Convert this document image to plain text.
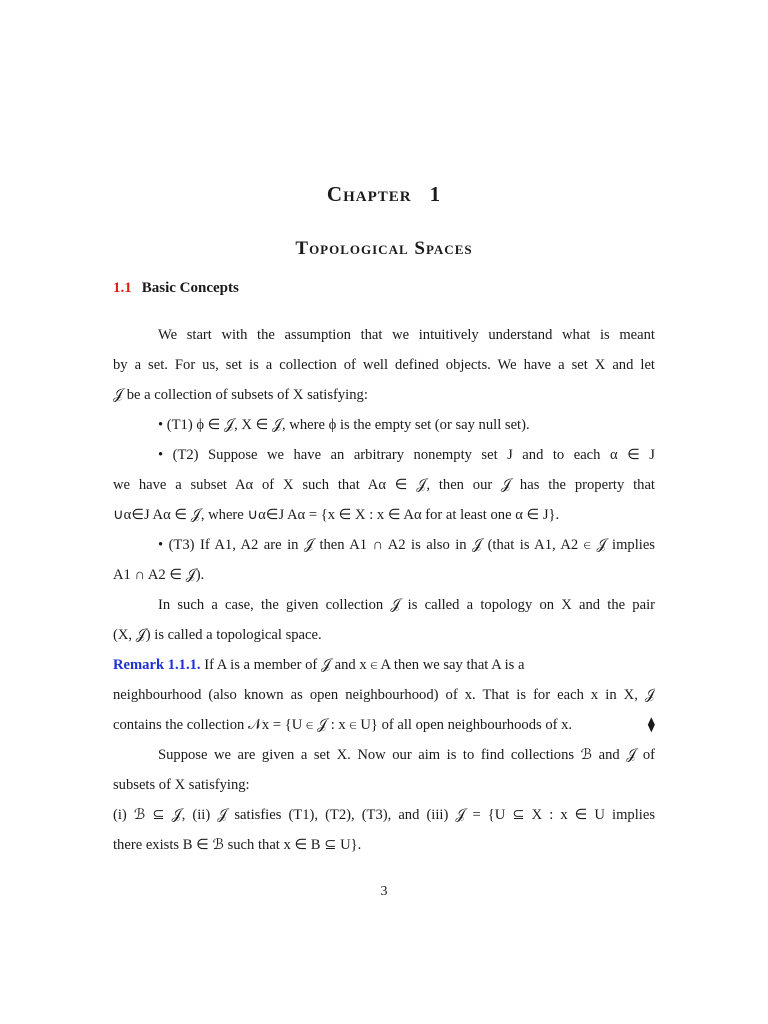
Chapter 1
Topological Spaces
1.1 Basic Concepts
We start with the assumption that we intuitively understand what is meant
by a set. For us, set is a collection of well defined objects. We have a set X and let
𝒥 be a collection of subsets of X satisfying:
• (T1) ϕ ∈ 𝒥, X ∈ 𝒥, where ϕ is the empty set (or say null set).
• (T2) Suppose we have an arbitrary nonempty set J and to each α ∈ J
we have a subset Aα of X such that Aα ∈ 𝒥, then our 𝒥 has the property that
∪α∈J Aα ∈ 𝒥, where ∪α∈J Aα = {x ∈ X : x ∈ Aα for at least one α ∈ J}.
• (T3) If A1, A2 are in 𝒥 then A1 ∩ A2 is also in 𝒥 (that is A1, A2 ∈ 𝒥 implies
A1 ∩ A2 ∈ 𝒥).
In such a case, the given collection 𝒥 is called a topology on X and the pair
(X, 𝒥) is called a topological space.
Remark 1.1.1. If A is a member of 𝒥 and x ∈ A then we say that A is a
neighbourhood (also known as open neighbourhood) of x. That is for each x in X, 𝒥
contains the collection 𝒩x = {U ∈ 𝒥 : x ∈ U} of all open neighbourhoods of x.	⧫
Suppose we are given a set X. Now our aim is to find collections ℬ and 𝒥 of
subsets of X satisfying:
(i) ℬ ⊆ 𝒥, (ii) 𝒥 satisfies (T1), (T2), (T3), and (iii) 𝒥 = {U ⊆ X : x ∈ U implies
there exists B ∈ ℬ such that x ∈ B ⊆ U}.
3
